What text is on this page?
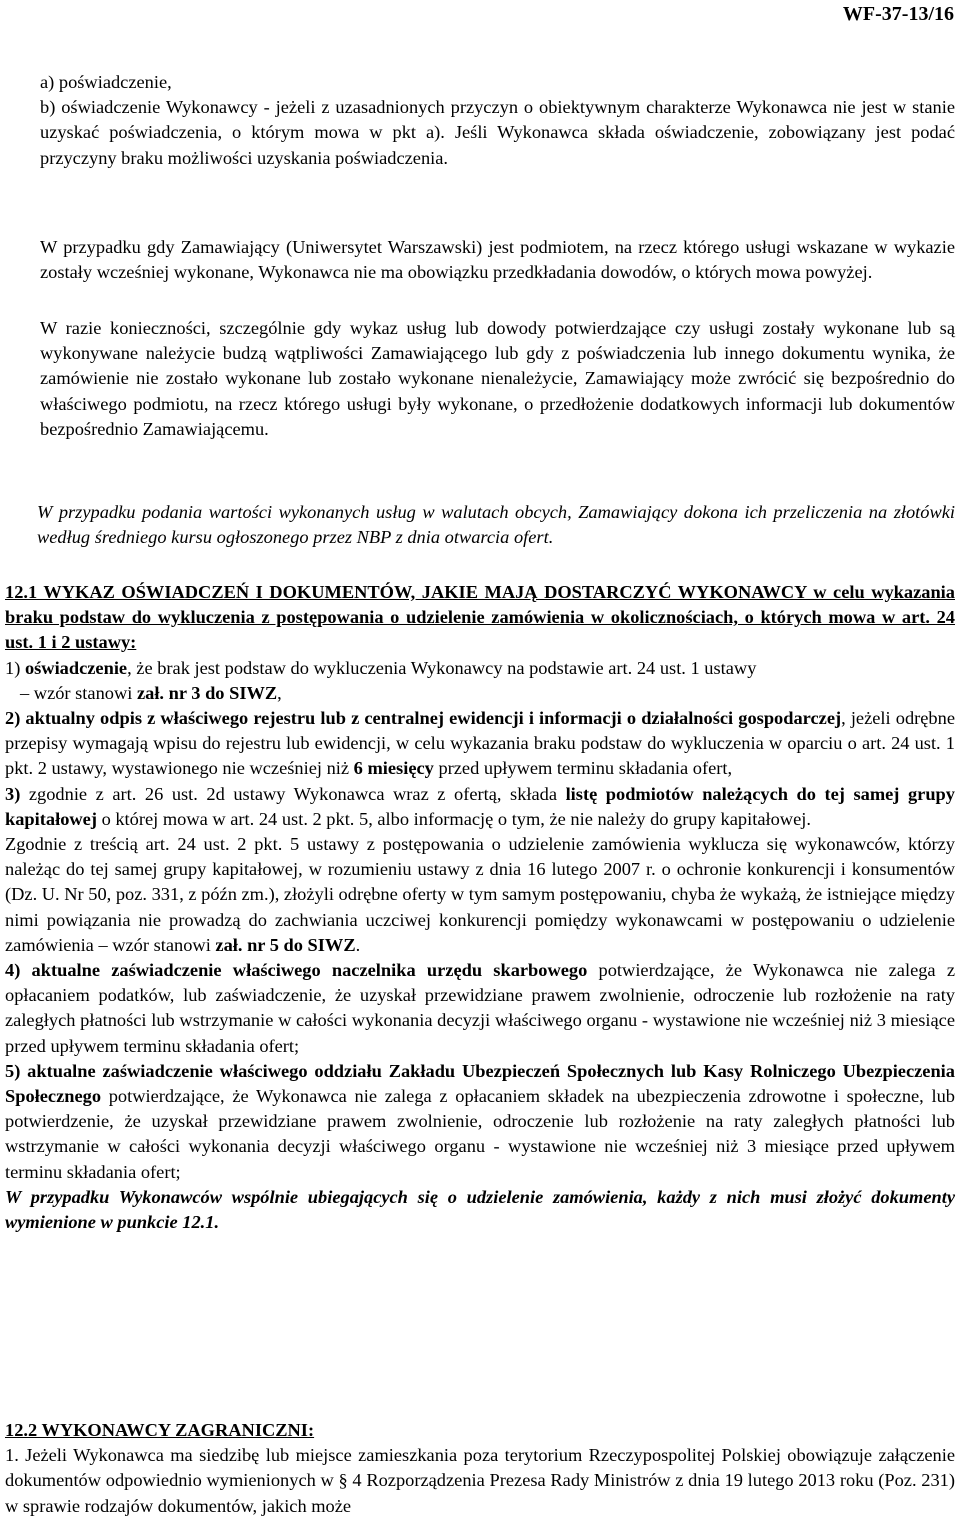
WF-37-13/16

a) poświadczenie,

b) oświadczenie Wykonawcy - jeżeli z uzasadnionych przyczyn o obiektywnym charakterze Wykonawca nie jest w stanie uzyskać poświadczenia, o którym mowa w pkt a). Jeśli Wykonawca składa oświadczenie, zobowiązany jest podać przyczyny braku możliwości uzyskania poświadczenia.

W przypadku gdy Zamawiający (Uniwersytet Warszawski) jest podmiotem, na rzecz którego usługi wskazane w wykazie zostały wcześniej wykonane, Wykonawca nie ma obowiązku przedkładania dowodów, o których mowa powyżej.

W razie konieczności, szczególnie gdy wykaz usług lub dowody potwierdzające czy usługi zostały wykonane lub są wykonywane należycie budzą wątpliwości Zamawiającego lub gdy z poświadczenia lub innego dokumentu wynika, że zamówienie nie zostało wykonane lub zostało wykonane nienależycie, Zamawiający może zwrócić się bezpośrednio do właściwego podmiotu, na rzecz którego usługi były wykonane, o przedłożenie dodatkowych informacji lub dokumentów bezpośrednio Zamawiającemu.

W przypadku podania wartości wykonanych usług w walutach obcych, Zamawiający dokona ich przeliczenia na złotówki według średniego kursu ogłoszonego przez NBP z dnia otwarcia ofert.

12.1 WYKAZ OŚWIADCZEŃ I DOKUMENTÓW, JAKIE MAJĄ DOSTARCZYĆ WYKONAWCY w celu wykazania braku podstaw do wykluczenia z postępowania o udzielenie zamówienia w okolicznościach, o których mowa w art. 24 ust. 1 i 2 ustawy:

1) oświadczenie, że brak jest podstaw do wykluczenia Wykonawcy na podstawie art. 24 ust. 1 ustawy

– wzór stanowi zał. nr 3 do SIWZ,

2) aktualny odpis z właściwego rejestru lub z centralnej ewidencji i informacji o działalności gospodarczej, jeżeli odrębne przepisy wymagają wpisu do rejestru lub ewidencji, w celu wykazania braku podstaw do wykluczenia w oparciu o art. 24 ust. 1 pkt. 2 ustawy, wystawionego nie wcześniej niż 6 miesięcy przed upływem terminu składania ofert,

3) zgodnie z art. 26 ust. 2d ustawy Wykonawca wraz z ofertą, składa listę podmiotów należących do tej samej grupy kapitałowej o której mowa w art. 24 ust. 2 pkt. 5, albo informację o tym, że nie należy do grupy kapitałowej.

Zgodnie z treścią art. 24 ust. 2 pkt. 5 ustawy z postępowania o udzielenie zamówienia wyklucza się wykonawców, którzy należąc do tej samej grupy kapitałowej, w rozumieniu ustawy z dnia 16 lutego 2007 r. o ochronie konkurencji i konsumentów (Dz. U. Nr 50, poz. 331, z późn zm.), złożyli odrębne oferty w tym samym postępowaniu, chyba że wykażą, że istniejące między nimi powiązania nie prowadzą do zachwiania uczciwej konkurencji pomiędzy wykonawcami w postępowaniu o udzielenie zamówienia – wzór stanowi zał. nr 5 do SIWZ.

4) aktualne zaświadczenie właściwego naczelnika urzędu skarbowego potwierdzające, że Wykonawca nie zalega z opłacaniem podatków, lub zaświadczenie, że uzyskał przewidziane prawem zwolnienie, odroczenie lub rozłożenie na raty zaległych płatności lub wstrzymanie w całości wykonania decyzji właściwego organu - wystawione nie wcześniej niż 3 miesiące przed upływem terminu składania ofert;

5) aktualne zaświadczenie właściwego oddziału Zakładu Ubezpieczeń Społecznych lub Kasy Rolniczego Ubezpieczenia Społecznego potwierdzające, że Wykonawca nie zalega z opłacaniem składek na ubezpieczenia zdrowotne i społeczne, lub potwierdzenie, że uzyskał przewidziane prawem zwolnienie, odroczenie lub rozłożenie na raty zaległych płatności lub wstrzymanie w całości wykonania decyzji właściwego organu - wystawione nie wcześniej niż 3 miesiące przed upływem terminu składania ofert;

W przypadku Wykonawców wspólnie ubiegających się o udzielenie zamówienia, każdy z nich musi złożyć dokumenty wymienione w punkcie 12.1.

12.2 WYKONAWCY ZAGRANICZNI:

1. Jeżeli Wykonawca ma siedzibę lub miejsce zamieszkania poza terytorium Rzeczypospolitej Polskiej obowiązuje załączenie dokumentów odpowiednio wymienionych w § 4 Rozporządzenia Prezesa Rady Ministrów z dnia 19 lutego 2013 roku (Poz. 231) w sprawie rodzajów dokumentów, jakich może
